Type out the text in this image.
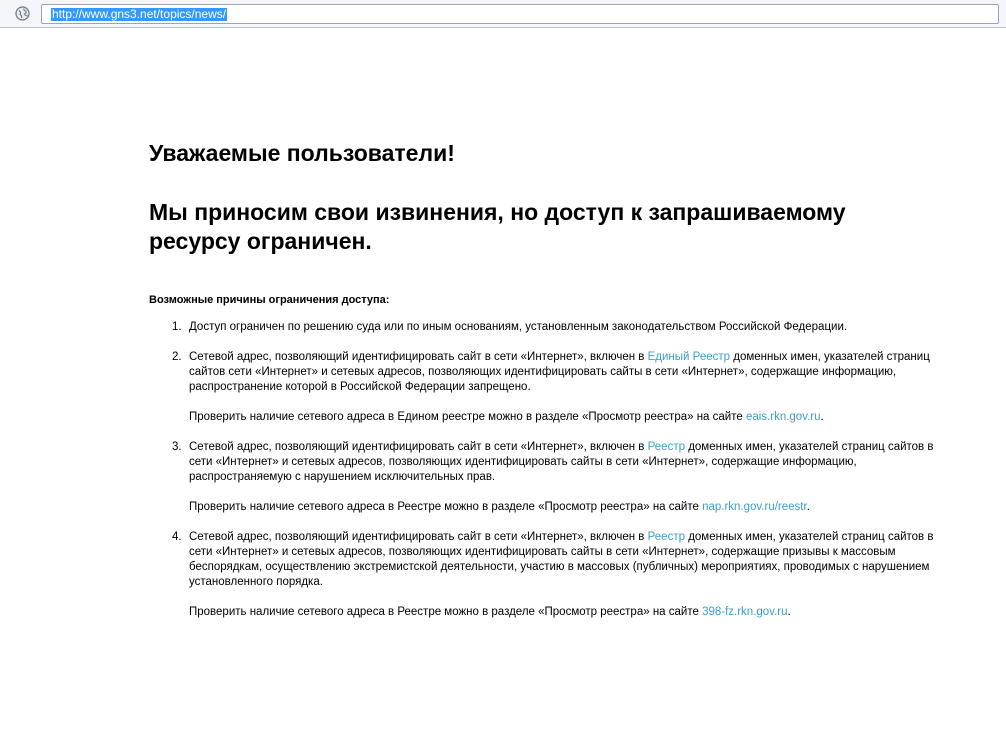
http://www.gns3.net/topics/news/
Уважаемые пользователи!
Мы приносим свои извинения, но доступ к запрашиваемому ресурсу ограничен.
Возможные причины ограничения доступа:
1. Доступ ограничен по решению суда или по иным основаниям, установленным законодательством Российской Федерации.
2. Сетевой адрес, позволяющий идентифицировать сайт в сети «Интернет», включен в Единый Реестр доменных имен, указателей страниц сайтов сети «Интернет» и сетевых адресов, позволяющих идентифицировать сайты в сети «Интернет», содержащие информацию, распространение которой в Российской Федерации запрещено.
Проверить наличие сетевого адреса в Едином реестре можно в разделе «Просмотр реестра» на сайте eais.rkn.gov.ru.
3. Сетевой адрес, позволяющий идентифицировать сайт в сети «Интернет», включен в Реестр доменных имен, указателей страниц сайтов в сети «Интернет» и сетевых адресов, позволяющих идентифицировать сайты в сети «Интернет», содержащие информацию, распространяемую с нарушением исключительных прав.
Проверить наличие сетевого адреса в Реестре можно в разделе «Просмотр реестра» на сайте nap.rkn.gov.ru/reestr.
4. Сетевой адрес, позволяющий идентифицировать сайт в сети «Интернет», включен в Реестр доменных имен, указателей страниц сайтов в сети «Интернет» и сетевых адресов, позволяющих идентифицировать сайты в сети «Интернет», содержащие призывы к массовым беспорядкам, осуществлению экстремистской деятельности, участию в массовых (публичных) мероприятиях, проводимых с нарушением установленного порядка.
Проверить наличие сетевого адреса в Реестре можно в разделе «Просмотр реестра» на сайте 398-fz.rkn.gov.ru.
